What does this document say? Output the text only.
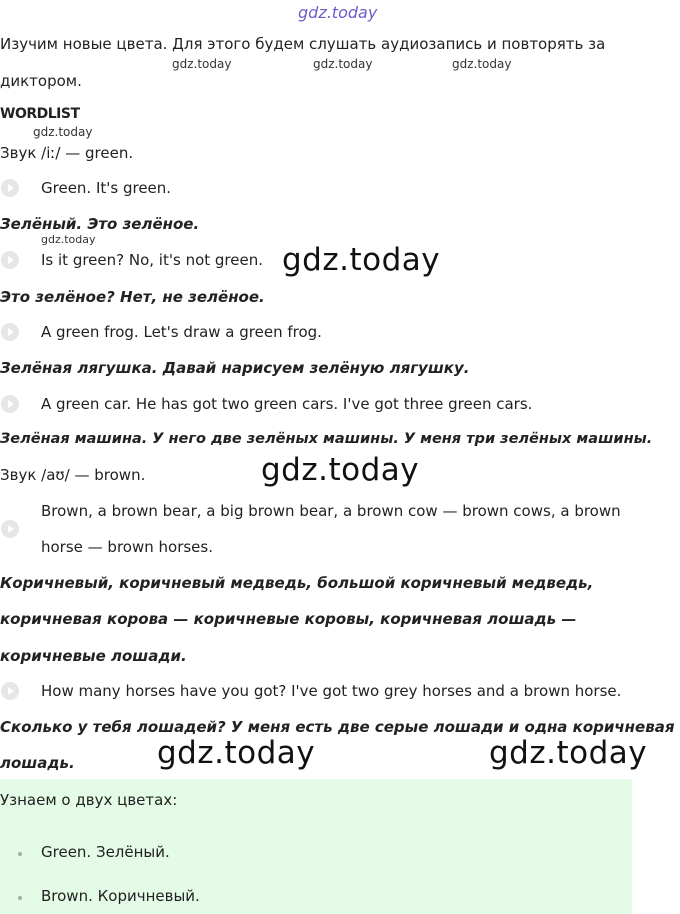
gdz.today
gdz.today	gdz.today	gdz.today
gdz.today
gdz.today
Изучим новые цвета. Для этого будем слушать аудиозапись и повторять за
диктором.
WORDLIST
Звук /iː/ — green.
Green. It's green.
Зелёный. Это зелёное.
Is it green? No, it's not green.
Это зелёное? Нет, не зелёное.
A green frog. Let's draw a green frog.
Зелёная лягушка. Давай нарисуем зелёную лягушку.
A green car. He has got two green cars. I've got three green cars.
Зелёная машина. У него две зелёных машины. У меня три зелёных машины.
Звук /aʊ/ — brown.
Brown, a brown bear, a big brown bear, a brown cow — brown cows, a brown
horse — brown horses.
Коричневый, коричневый медведь, большой коричневый медведь,
коричневая корова — коричневые коровы, коричневая лошадь —
коричневые лошади.
How many horses have you got? I've got two grey horses and a brown horse.
Сколько у тебя лошадей? У меня есть две серые лошади и одна коричневая
лошадь.
Узнаем о двух цветах:
Green. Зелёный.
Brown. Коричневый.
gdz.today
gdz.today
gdz.today	gdz.today
